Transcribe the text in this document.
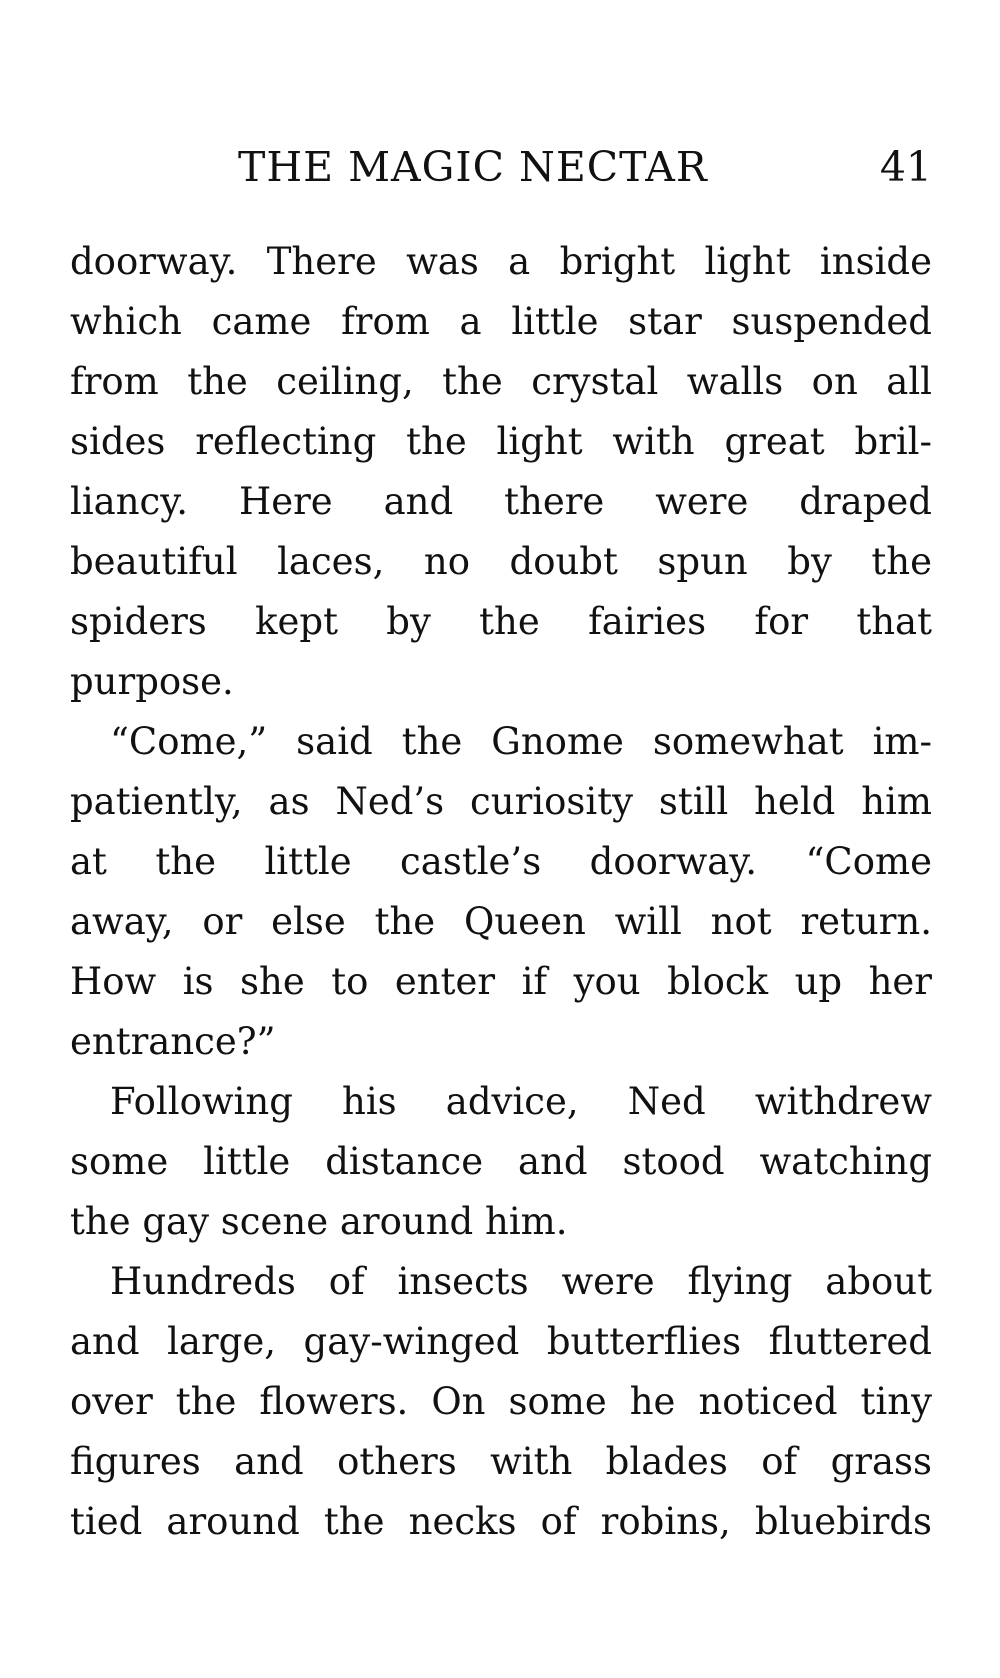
THE MAGIC NECTAR	41
doorway. There was a bright light inside
which came from a little star suspended
from the ceiling, the crystal walls on all
sides reflecting the light with great bril-
liancy. Here and there were draped
beautiful laces, no doubt spun by the
spiders kept by the fairies for that
purpose.
“Come,” said the Gnome somewhat im-
patiently, as Ned’s curiosity still held him
at the little castle’s doorway. “Come
away, or else the Queen will not return.
How is she to enter if you block up her
entrance?”
Following his advice, Ned withdrew
some little distance and stood watching
the gay scene around him.
Hundreds of insects were flying about
and large, gay-winged butterflies fluttered
over the flowers. On some he noticed tiny
figures and others with blades of grass
tied around the necks of robins, bluebirds
